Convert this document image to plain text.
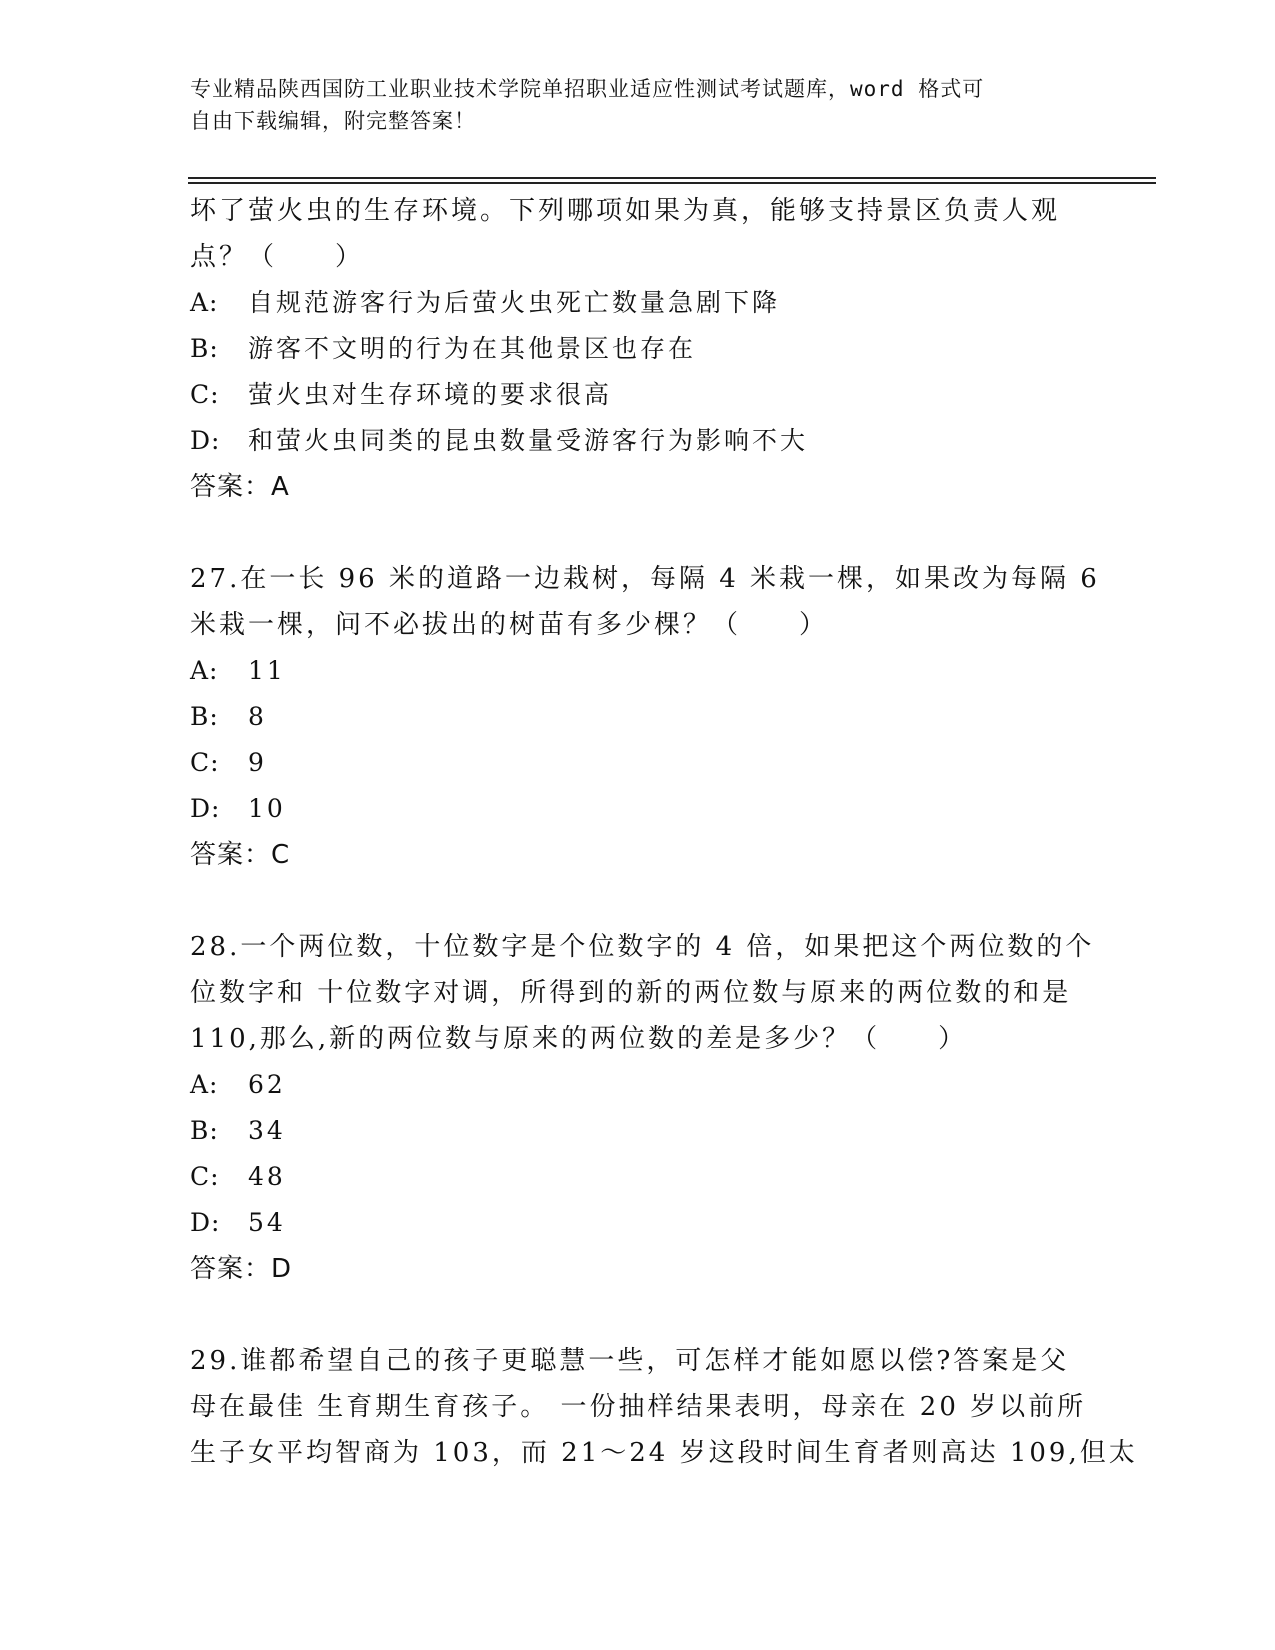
专业精品陕西国防工业职业技术学院单招职业适应性测试考试题库，word 格式可
自由下载编辑，附完整答案！
坏了萤火虫的生存环境。下列哪项如果为真，能够支持景区负责人观
点？（　　）
A:	自规范游客行为后萤火虫死亡数量急剧下降
B:	游客不文明的行为在其他景区也存在
C:	萤火虫对生存环境的要求很高
D:	和萤火虫同类的昆虫数量受游客行为影响不大
答案：A
27.在一长 96 米的道路一边栽树，每隔 4 米栽一棵，如果改为每隔 6
米栽一棵，问不必拔出的树苗有多少棵？（　　）
A:	11
B:	8
C:	9
D:	10
答案：C
28.一个两位数，十位数字是个位数字的 4 倍，如果把这个两位数的个
位数字和 十位数字对调，所得到的新的两位数与原来的两位数的和是
110,那么,新的两位数与原来的两位数的差是多少？（　　）
A:	62
B:	34
C:	48
D:	54
答案：D
29.谁都希望自己的孩子更聪慧一些，可怎样才能如愿以偿?答案是父
母在最佳 生育期生育孩子。 一份抽样结果表明，母亲在 20 岁以前所
生子女平均智商为 103，而 21～24 岁这段时间生育者则高达 109,但太
